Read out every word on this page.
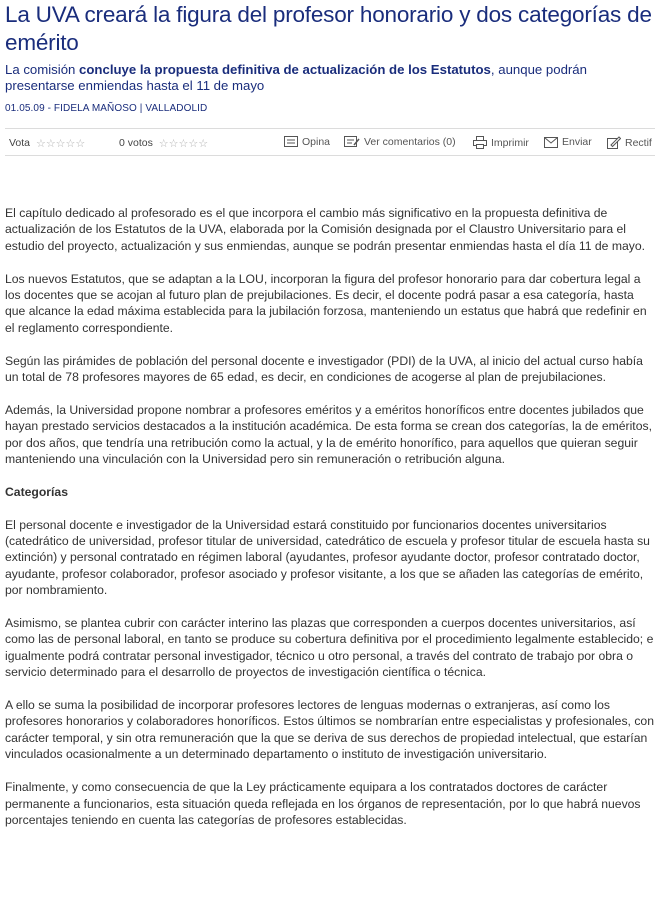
La UVA creará la figura del profesor honorario y dos categorías de emérito
La comisión concluye la propuesta definitiva de actualización de los Estatutos, aunque podrán presentarse enmiendas hasta el 11 de mayo
01.05.09 - FIDELA MAÑOSO | VALLADOLID
Vota ☆☆☆☆☆	0 votos ☆☆☆☆☆	Opina	Ver comentarios (0)	Imprimir	Enviar	Rectif

El capítulo dedicado al profesorado es el que incorpora el cambio más significativo en la propuesta definitiva de actualización de los Estatutos de la UVA, elaborada por la Comisión designada por el Claustro Universitario para el estudio del proyecto, actualización y sus enmiendas, aunque se podrán presentar enmiendas hasta el día 11 de mayo.

Los nuevos Estatutos, que se adaptan a la LOU, incorporan la figura del profesor honorario para dar cobertura legal a los docentes que se acojan al futuro plan de prejubilaciones. Es decir, el docente podrá pasar a esa categoría, hasta que alcance la edad máxima establecida para la jubilación forzosa, manteniendo un estatus que habrá que redefinir en el reglamento correspondiente.

Según las pirámides de población del personal docente e investigador (PDI) de la UVA, al inicio del actual curso había un total de 78 profesores mayores de 65 edad, es decir, en condiciones de acogerse al plan de prejubilaciones.

Además, la Universidad propone nombrar a profesores eméritos y a eméritos honoríficos entre docentes jubilados que hayan prestado servicios destacados a la institución académica. De esta forma se crean dos categorías, la de eméritos, por dos años, que tendría una retribución como la actual, y la de emérito honorífico, para aquellos que quieran seguir manteniendo una vinculación con la Universidad pero sin remuneración o retribución alguna.

Categorías

El personal docente e investigador de la Universidad estará constituido por funcionarios docentes universitarios (catedrático de universidad, profesor titular de universidad, catedrático de escuela y profesor titular de escuela hasta su extinción) y personal contratado en régimen laboral (ayudantes, profesor ayudante doctor, profesor contratado doctor, ayudante, profesor colaborador, profesor asociado y profesor visitante, a los que se añaden las categorías de emérito, por nombramiento.

Asimismo, se plantea cubrir con carácter interino las plazas que corresponden a cuerpos docentes universitarios, así como las de personal laboral, en tanto se produce su cobertura definitiva por el procedimiento legalmente establecido; e igualmente podrá contratar personal investigador, técnico u otro personal, a través del contrato de trabajo por obra o servicio determinado para el desarrollo de proyectos de investigación científica o técnica.

A ello se suma la posibilidad de incorporar profesores lectores de lenguas modernas o extranjeras, así como los profesores honorarios y colaboradores honoríficos. Estos últimos se nombrarían entre especialistas y profesionales, con carácter temporal, y sin otra remuneración que la que se deriva de sus derechos de propiedad intelectual, que estarían vinculados ocasionalmente a un determinado departamento o instituto de investigación universitario.

Finalmente, y como consecuencia de que la Ley prácticamente equipara a los contratados doctores de carácter permanente a funcionarios, esta situación queda reflejada en los órganos de representación, por lo que habrá nuevos porcentajes teniendo en cuenta las categorías de profesores establecidas.
